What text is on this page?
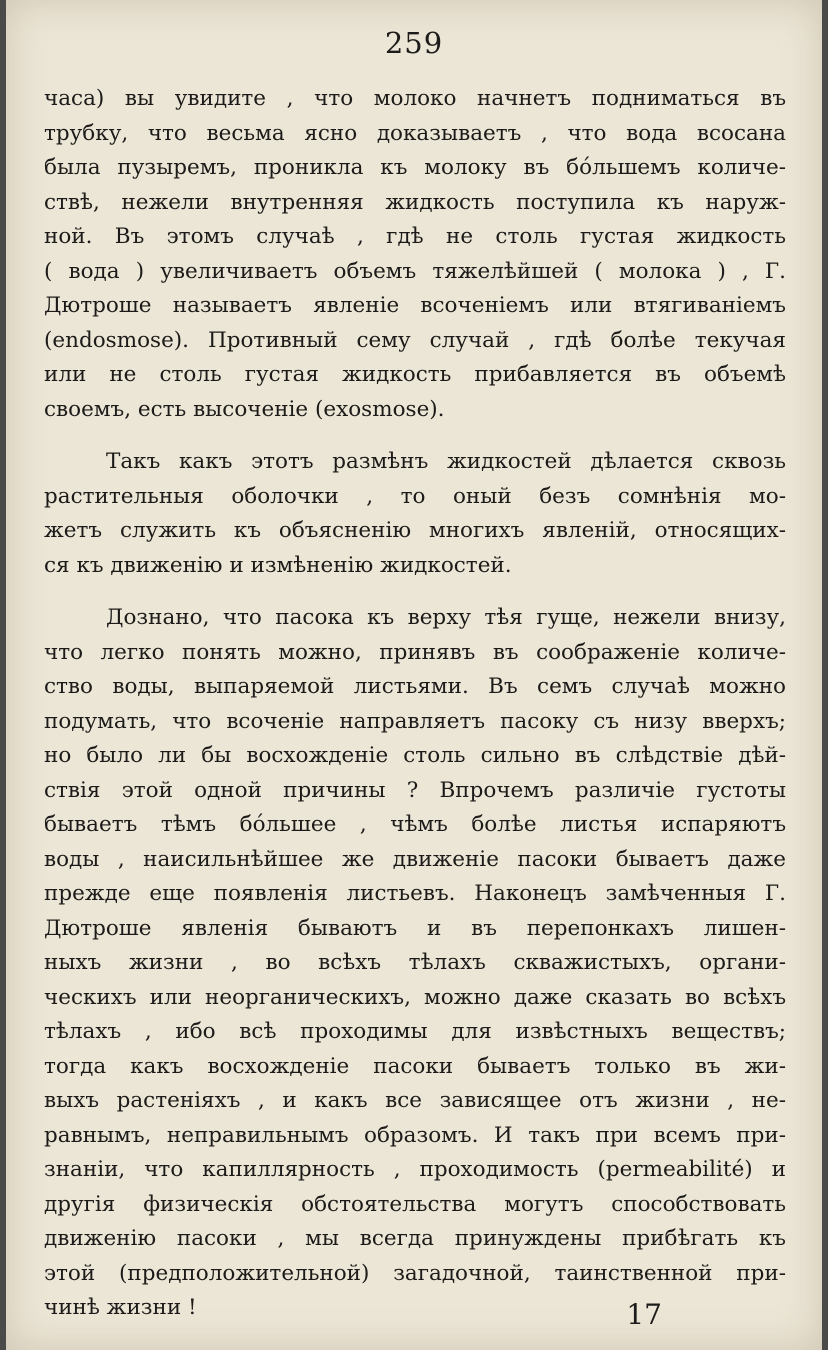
259
часа) вы увидите , что молоко начнетъ подниматься въ
трубку, что весьма ясно доказываетъ , что вода всосана
была пузыремъ, проникла къ молоку въ бо́льшемъ количе-
ствѣ, нежели внутренняя жидкость поступила къ наруж-
ной. Въ этомъ случаѣ , гдѣ не столь густая жидкость
( вода ) увеличиваетъ объемъ тяжелѣйшей ( молока ) , Г.
Дютроше называетъ явленіе всоченіемъ или втягиваніемъ
(endosmose). Противный сему случай , гдѣ болѣе текучая
или не столь густая жидкость прибавляется въ объемѣ
своемъ, есть высоченіе (exosmose).
Такъ какъ этотъ размѣнъ жидкостей дѣлается сквозь
растительныя оболочки , то оный безъ сомнѣнія мо-
жетъ служить къ объясненію многихъ явленій, относящих-
ся къ движенію и измѣненію жидкостей.
Дознано, что пасока къ верху тѣя гуще, нежели внизу,
что легко понять можно, принявъ въ соображеніе количе-
ство воды, выпаряемой листьями. Въ семъ случаѣ можно
подумать, что всоченіе направляетъ пасоку съ низу вверхъ;
но было ли бы восхожденіе столь сильно въ слѣдствіе дѣй-
ствія этой одной причины ? Впрочемъ различіе густоты
бываетъ тѣмъ бо́льшее , чѣмъ болѣе листья испаряютъ
воды , наисильнѣйшее же движеніе пасоки бываетъ даже
прежде еще появленія листьевъ. Наконецъ замѣченныя Г.
Дютроше явленія бываютъ и въ перепонкахъ лишен-
ныхъ жизни , во всѣхъ тѣлахъ скважистыхъ, органи-
ческихъ или неорганическихъ, можно даже сказать во всѣхъ
тѣлахъ , ибо всѣ проходимы для извѣстныхъ веществъ;
тогда какъ восхожденіе пасоки бываетъ только въ жи-
выхъ растеніяхъ , и какъ все зависящее отъ жизни , не-
равнымъ, неправильнымъ образомъ. И такъ при всемъ при-
знаніи, что капиллярность , проходимость (permeabilité) и
другія физическія обстоятельства могутъ способствовать
движенію пасоки , мы всегда принуждены прибѣгать къ
этой (предположительной) загадочной, таинственной при-
чинѣ жизни !	17
